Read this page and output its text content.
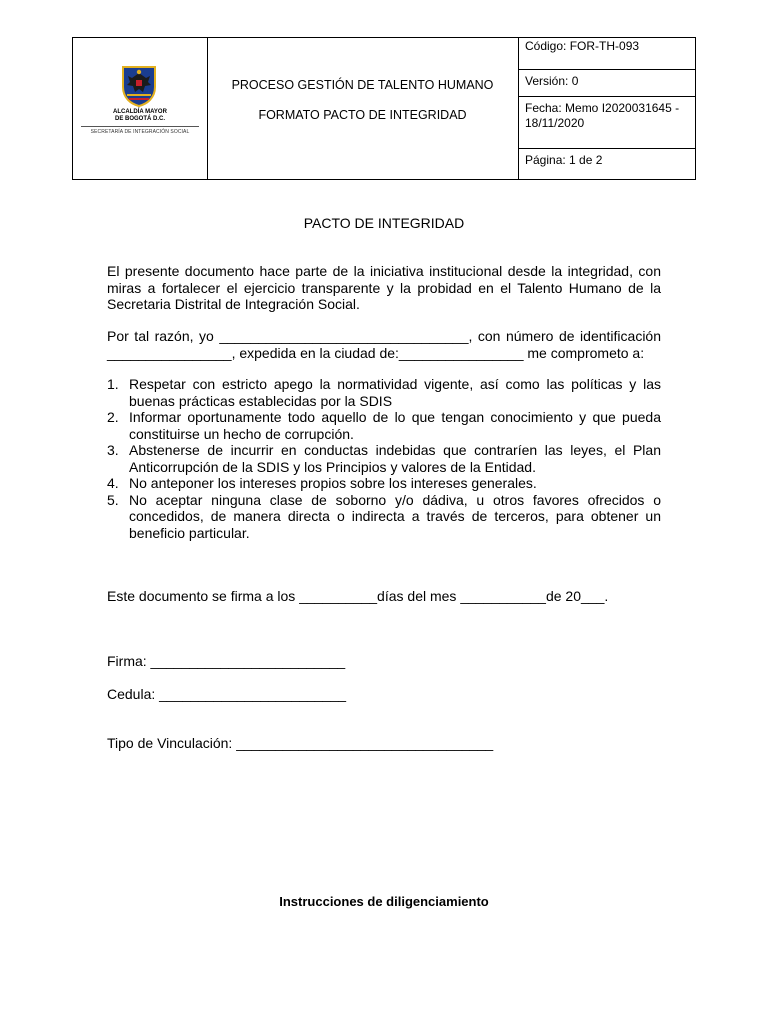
ALCALDÍA MAYOR
DE BOGOTÁ D.C.
SECRETARÍA DE INTEGRACIÓN SOCIAL
PROCESO GESTIÓN DE TALENTO HUMANO
FORMATO PACTO DE INTEGRIDAD
Código: FOR-TH-093
Versión: 0
Fecha: Memo I2020031645 -
18/11/2020
Página: 1 de 2
PACTO DE INTEGRIDAD

El presente documento hace parte de la iniciativa institucional desde la integridad, con miras a fortalecer el ejercicio transparente y la probidad en el Talento Humano de la Secretaria Distrital de Integración Social.

Por tal razón, yo ________________________________, con número de identificación ________________, expedida en la ciudad de:________________ me comprometo a:

1. Respetar con estricto apego la normatividad vigente, así como las políticas y las buenas prácticas establecidas por la SDIS
2. Informar oportunamente todo aquello de lo que tengan conocimiento y que pueda constituirse un hecho de corrupción.
3. Abstenerse de incurrir en conductas indebidas que contraríen las leyes, el Plan Anticorrupción de la SDIS y los Principios y valores de la Entidad.
4. No anteponer los intereses propios sobre los intereses generales.
5. No aceptar ninguna clase de soborno y/o dádiva, u otros favores ofrecidos o concedidos, de manera directa o indirecta a través de terceros, para obtener un beneficio particular.
Este documento se firma a los __________días del mes ___________de 20___.
Firma: _________________________
Cedula: ________________________
Tipo de Vinculación: _________________________________
Instrucciones de diligenciamiento
